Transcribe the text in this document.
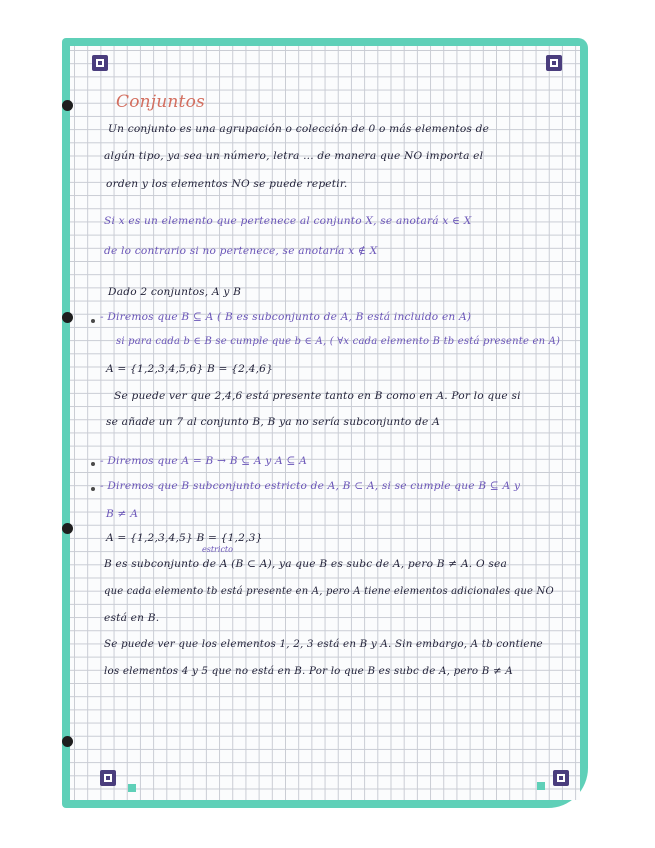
Conjuntos
Un conjunto es una agrupación o colección de 0 o más elementos de
algún tipo, ya sea un número, letra ... de manera que NO importa el
orden y los elementos NO se puede repetir.
Si x es un elemento que pertenece al conjunto X, se anotará x ∈ X
de lo contrario si no pertenece, se anotaría x ∉ X
Dado 2 conjuntos, A y B
- Diremos que B ⊆ A ( B es subconjunto de A, B está incluido en A)
si para cada b ∈ B se cumple que b ∈ A, ( ∀x cada elemento B tb está presente en A)
A = {1,2,3,4,5,6} B = {2,4,6}
Se puede ver que 2,4,6 está presente tanto en B como en A. Por lo que si
se añade un 7 al conjunto B, B ya no sería subconjunto de A
- Diremos que A = B → B ⊆ A y A ⊆ A
- Diremos que B subconjunto estricto de A, B ⊂ A, si se cumple que B ⊆ A y
B ≠ A
A = {1,2,3,4,5} B = {1,2,3}
estricto
B es subconjunto de A (B ⊂ A), ya que B es subc de A, pero B ≠ A. O sea
que cada elemento tb está presente en A, pero A tiene elementos adicionales que NO
está en B.
Se puede ver que los elementos 1, 2, 3 está en B y A. Sin embargo, A tb contiene
los elementos 4 y 5 que no está en B. Por lo que B es subc de A, pero B ≠ A
